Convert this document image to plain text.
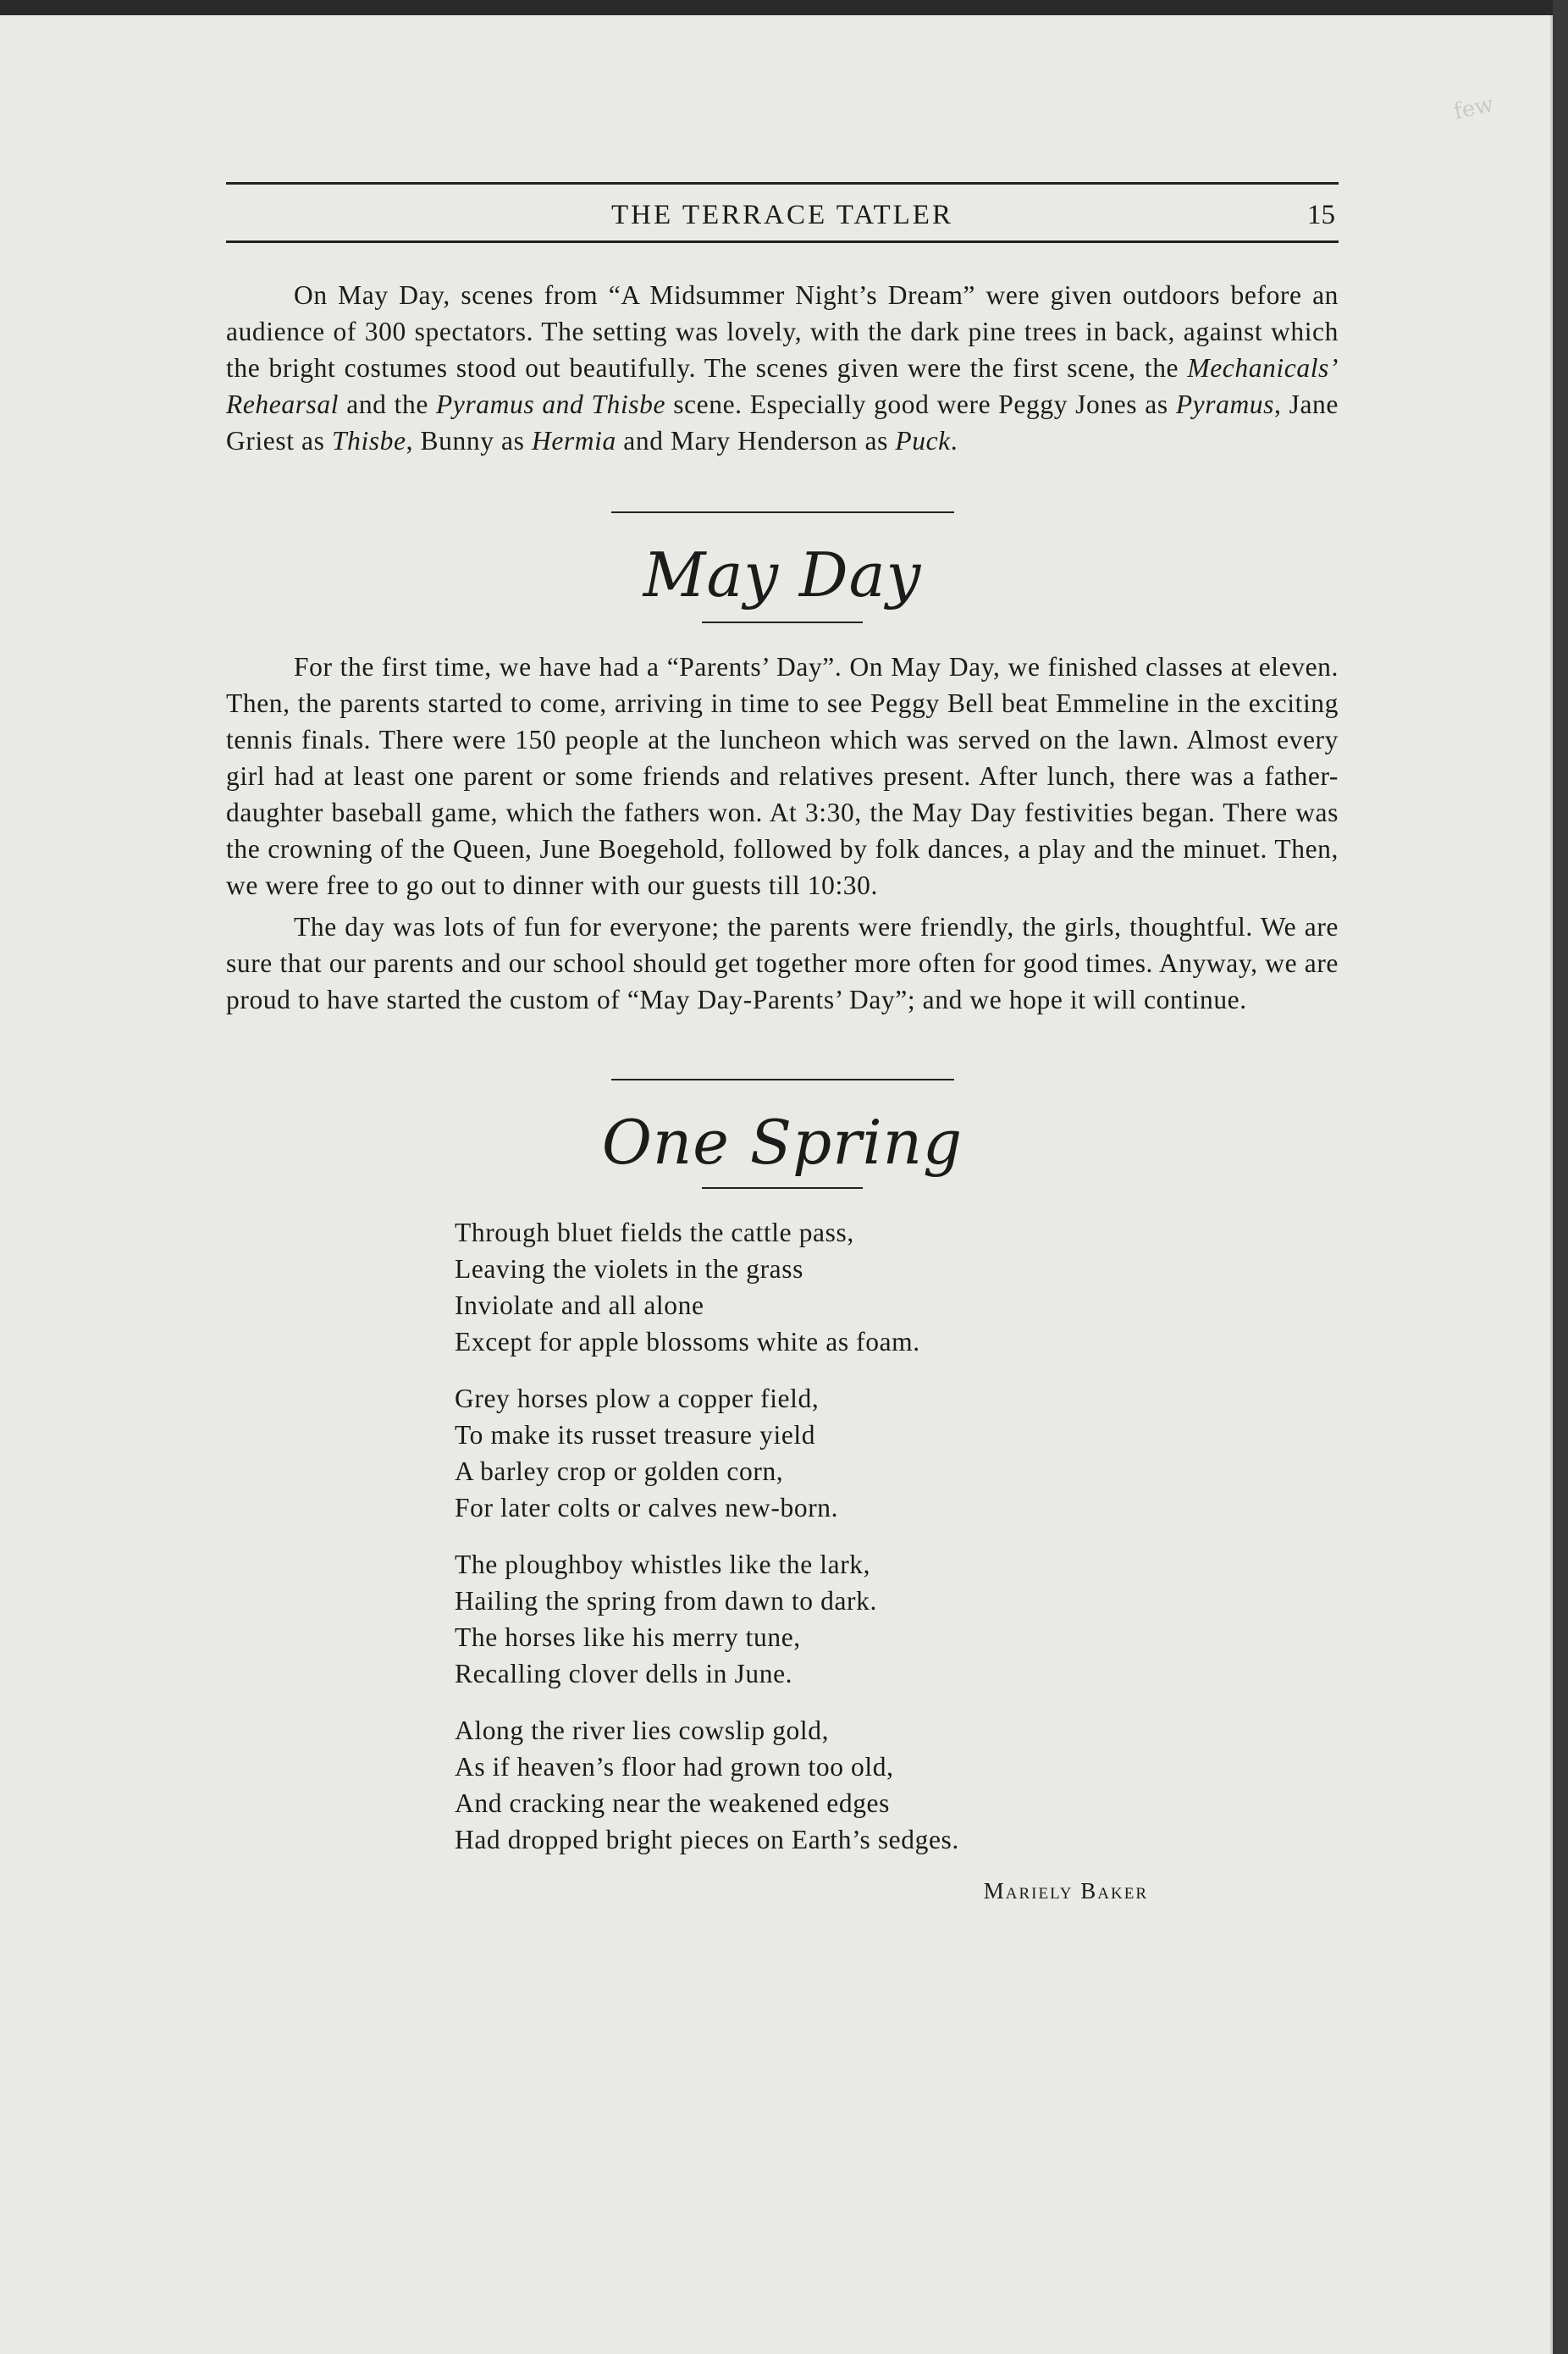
few
THE TERRACE TATLER	15

On May Day, scenes from “A Midsummer Night’s Dream” were given outdoors before an audience of 300 spectators. The setting was lovely, with the dark pine trees in back, against which the bright costumes stood out beautifully. The scenes given were the first scene, the Mechanicals’ Rehearsal and the Pyramus and Thisbe scene. Especially good were Peggy Jones as Pyramus, Jane Griest as Thisbe, Bunny as Hermia and Mary Henderson as Puck.

May Day

For the first time, we have had a “Parents’ Day”. On May Day, we finished classes at eleven. Then, the parents started to come, arriving in time to see Peggy Bell beat Emmeline in the exciting tennis finals. There were 150 people at the luncheon which was served on the lawn. Almost every girl had at least one parent or some friends and relatives present. After lunch, there was a father-daughter baseball game, which the fathers won. At 3:30, the May Day festivities began. There was the crowning of the Queen, June Boegehold, followed by folk dances, a play and the minuet. Then, we were free to go out to dinner with our guests till 10:30.

The day was lots of fun for everyone; the parents were friendly, the girls, thoughtful. We are sure that our parents and our school should get together more often for good times. Anyway, we are proud to have started the custom of “May Day-Parents’ Day”; and we hope it will continue.

One Spring
Through bluet fields the cattle pass,
Leaving the violets in the grass
Inviolate and all alone
Except for apple blossoms white as foam.
Grey horses plow a copper field,
To make its russet treasure yield
A barley crop or golden corn,
For later colts or calves new-born.
The ploughboy whistles like the lark,
Hailing the spring from dawn to dark.
The horses like his merry tune,
Recalling clover dells in June.
Along the river lies cowslip gold,
As if heaven’s floor had grown too old,
And cracking near the weakened edges
Had dropped bright pieces on Earth’s sedges.
Mariely Baker
